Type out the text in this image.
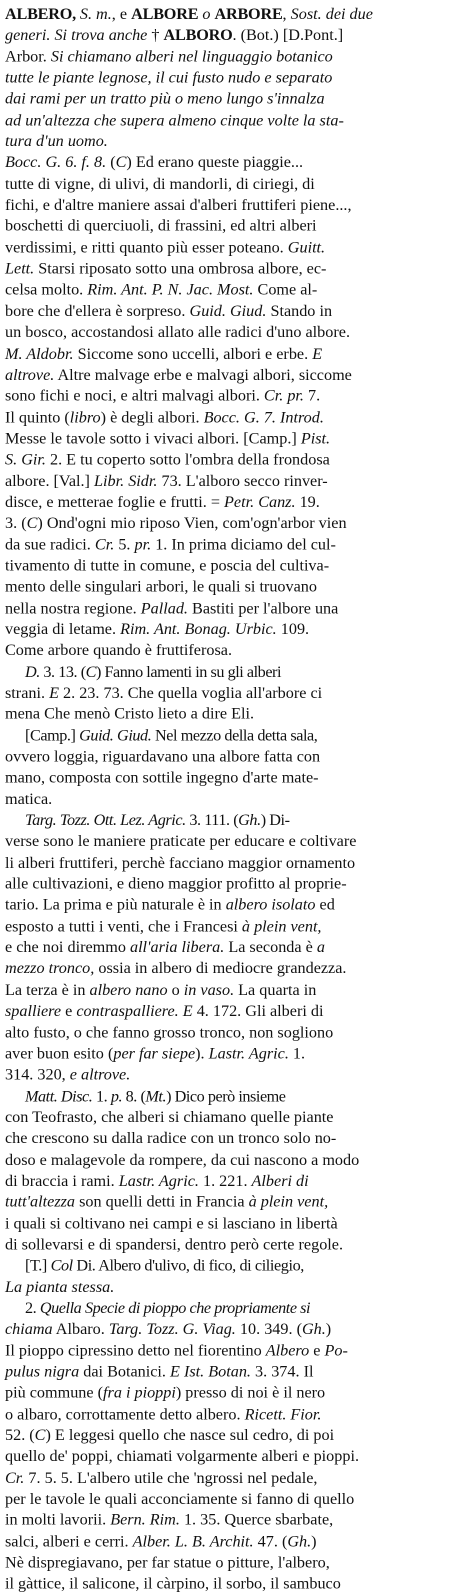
ALBERO, S. m., e ALBORE o ARBORE, Sost. dei due
generi. Si trova anche † ALBORO. (Bot.) [D.Pont.]
Arbor. Si chiamano alberi nel linguaggio botanico
tutte le piante legnose, il cui fusto nudo e separato
dai rami per un tratto più o meno lungo s'innalza
ad un'altezza che supera almeno cinque volte la sta-
tura d'un uomo.
Bocc. G. 6. f. 8. (C) Ed erano queste piaggie...
tutte di vigne, di ulivi, di mandorli, di ciriegi, di
fichi, e d'altre maniere assai d'alberi fruttiferi piene...,
boschetti di querciuoli, di frassini, ed altri alberi
verdissimi, e ritti quanto più esser poteano. Guitt.
Lett. Starsi riposato sotto una ombrosa albore, ec-
celsa molto. Rim. Ant. P. N. Jac. Most. Come al-
bore che d'ellera è sorpreso. Guid. Giud. Stando in
un bosco, accostandosi allato alle radici d'uno albore.
M. Aldobr. Siccome sono uccelli, albori e erbe. E
altrove. Altre malvage erbe e malvagi albori, siccome
sono fichi e noci, e altri malvagi albori. Cr. pr. 7.
Il quinto (libro) è degli albori. Bocc. G. 7. Introd.
Messe le tavole sotto i vivaci albori. [Camp.] Pist.
S. Gir. 2. E tu coperto sotto l'ombra della frondosa
albore. [Val.] Libr. Sidr. 73. L'alboro secco rinver-
disce, e metterae foglie e frutti. = Petr. Canz. 19.
3. (C) Ond'ogni mio riposo Vien, com'ogn'arbor vien
da sue radici. Cr. 5. pr. 1. In prima diciamo del cul-
tivamento di tutte in comune, e poscia del cultiva-
mento delle singulari arbori, le quali si truovano
nella nostra regione. Pallad. Bastiti per l'albore una
veggia di letame. Rim. Ant. Bonag. Urbic. 109.
Come arbore quando è fruttiferosa.
D. 3. 13. (C) Fanno lamenti in su gli alberi
strani. E 2. 23. 73. Che quella voglia all'arbore ci
mena Che menò Cristo lieto a dire Eli.
[Camp.] Guid. Giud. Nel mezzo della detta sala,
ovvero loggia, riguardavano una albore fatta con
mano, composta con sottile ingegno d'arte mate-
matica.
Targ. Tozz. Ott. Lez. Agric. 3. 111. (Gh.) Di-
verse sono le maniere praticate per educare e coltivare
li alberi fruttiferi, perchè facciano maggior ornamento
alle cultivazioni, e dieno maggior profitto al proprie-
tario. La prima e più naturale è in albero isolato ed
esposto a tutti i venti, che i Francesi à plein vent,
e che noi diremmo all'aria libera. La seconda è a
mezzo tronco, ossia in albero di mediocre grandezza.
La terza è in albero nano o in vaso. La quarta in
spalliere e contraspalliere. E 4. 172. Gli alberi di
alto fusto, o che fanno grosso tronco, non sogliono
aver buon esito (per far siepe). Lastr. Agric. 1.
314. 320, e altrove.
Matt. Disc. 1. p. 8. (Mt.) Dico però insieme
con Teofrasto, che alberi si chiamano quelle piante
che crescono su dalla radice con un tronco solo no-
doso e malagevole da rompere, da cui nascono a modo
di braccia i rami. Lastr. Agric. 1. 221. Alberi di
tutt'altezza son quelli detti in Francia à plein vent,
i quali si coltivano nei campi e si lasciano in libertà
di sollevarsi e di spandersi, dentro però certe regole.
[T.] Col Di. Albero d'ulivo, di fico, di ciliegio,
La pianta stessa.
2. Quella Specie di pioppo che propriamente si
chiama Albaro. Targ. Tozz. G. Viag. 10. 349. (Gh.)
Il pioppo cipressino detto nel fiorentino Albero e Po-
pulus nigra dai Botanici. E Ist. Botan. 3. 374. Il
più commune (fra i pioppi) presso di noi è il nero
o albaro, corrottamente detto albero. Ricett. Fior.
52. (C) E leggesi quello che nasce sul cedro, di poi
quello de' poppi, chiamati volgarmente alberi e pioppi.
Cr. 7. 5. 5. L'albero utile che 'ngrossi nel pedale,
per le tavole le quali acconciamente si fanno di quello
in molti lavorii. Bern. Rim. 1. 35. Querce sbarbate,
salci, alberi e cerri. Alber. L. B. Archit. 47. (Gh.)
Nè dispregiavano, per far statue o pitture, l'albero,
il gàttice, il salicone, il càrpino, il sorbo, il sambuco
